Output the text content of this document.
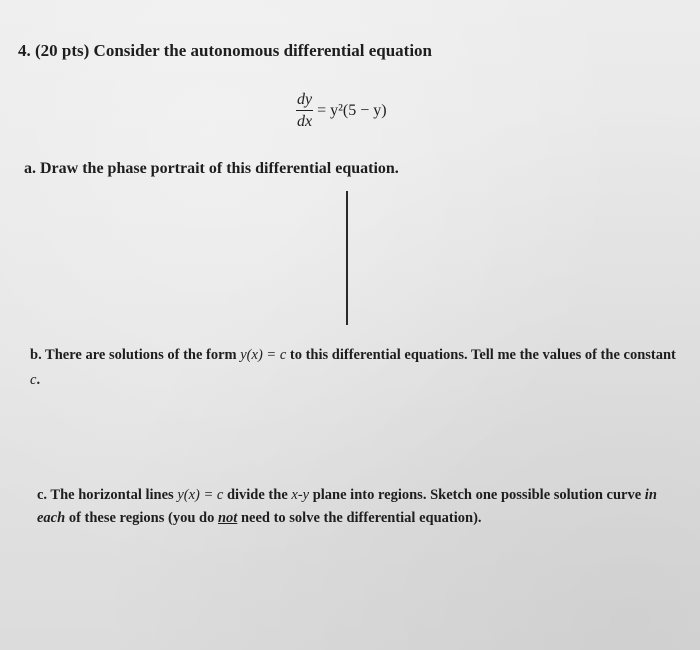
4. (20 pts) Consider the autonomous differential equation
$\frac{dy}{dx} = y^2(5 - y)$
a. Draw the phase portrait of this differential equation.
b. There are solutions of the form y(x) = c to this differential equations. Tell me the values of the constant c.
c. The horizontal lines y(x) = c divide the x-y plane into regions. Sketch one possible solution curve in each of these regions (you do not need to solve the differential equation).
